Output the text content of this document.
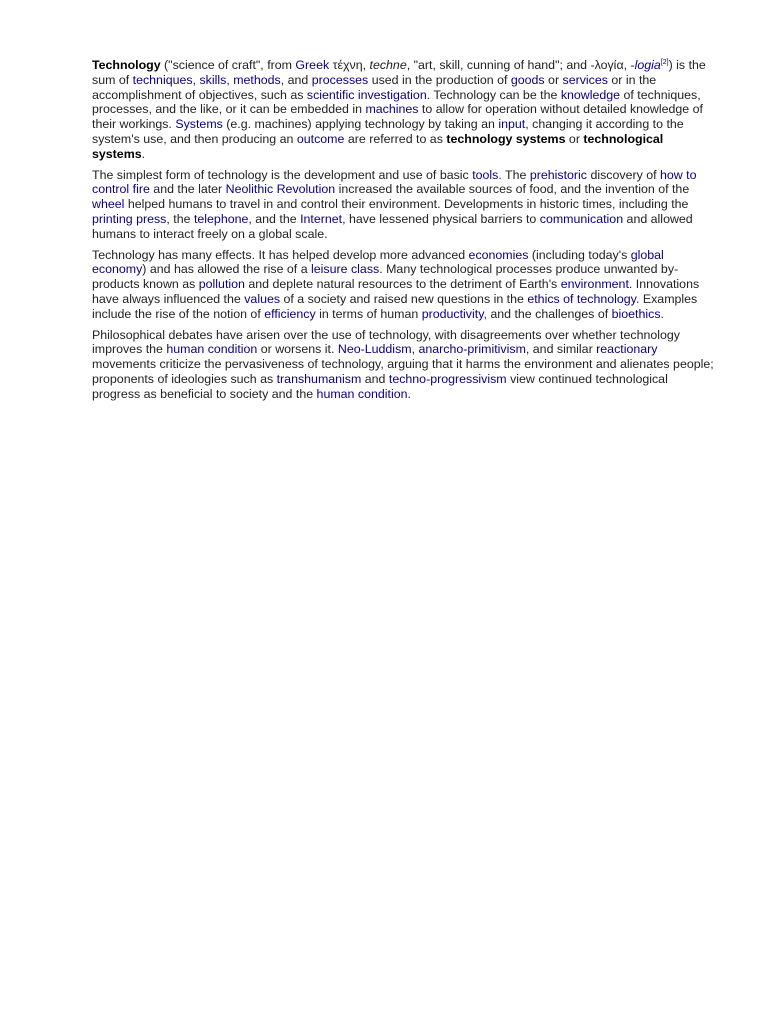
Technology ("science of craft", from Greek τέχνη, techne, "art, skill, cunning of hand"; and -λογία, -logia[2]) is the sum of techniques, skills, methods, and processes used in the production of goods or services or in the accomplishment of objectives, such as scientific investigation. Technology can be the knowledge of techniques, processes, and the like, or it can be embedded in machines to allow for operation without detailed knowledge of their workings. Systems (e.g. machines) applying technology by taking an input, changing it according to the system's use, and then producing an outcome are referred to as technology systems or technological systems.

The simplest form of technology is the development and use of basic tools. The prehistoric discovery of how to control fire and the later Neolithic Revolution increased the available sources of food, and the invention of the wheel helped humans to travel in and control their environment. Developments in historic times, including the printing press, the telephone, and the Internet, have lessened physical barriers to communication and allowed humans to interact freely on a global scale.

Technology has many effects. It has helped develop more advanced economies (including today's global economy) and has allowed the rise of a leisure class. Many technological processes produce unwanted by-products known as pollution and deplete natural resources to the detriment of Earth's environment. Innovations have always influenced the values of a society and raised new questions in the ethics of technology. Examples include the rise of the notion of efficiency in terms of human productivity, and the challenges of bioethics.

Philosophical debates have arisen over the use of technology, with disagreements over whether technology improves the human condition or worsens it. Neo-Luddism, anarcho-primitivism, and similar reactionary movements criticize the pervasiveness of technology, arguing that it harms the environment and alienates people; proponents of ideologies such as transhumanism and techno-progressivism view continued technological progress as beneficial to society and the human condition.
